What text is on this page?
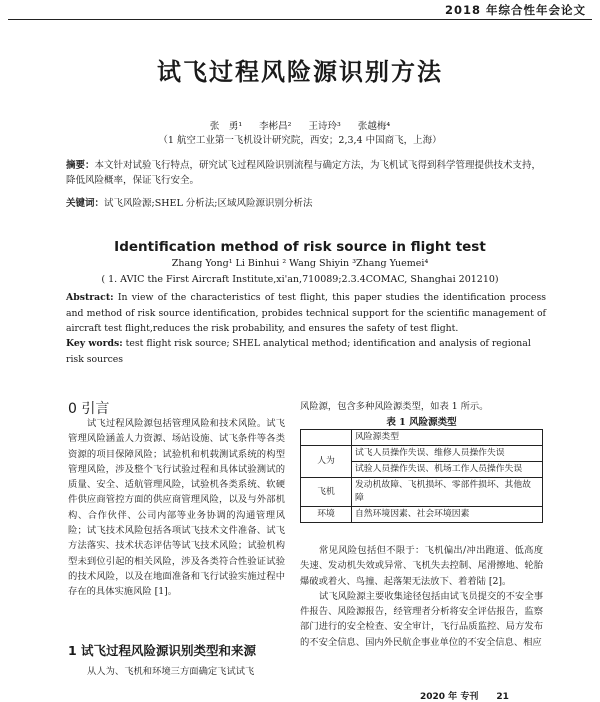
2018 年综合性年会论文
试飞过程风险源识别方法
张　勇¹ 李彬昌² 王诗玲³ 张越梅⁴
（1 航空工业第一飞机设计研究院，西安；2,3,4 中国商飞，上海）
摘要：本文针对试验飞行特点，研究试飞过程风险识别流程与确定方法，为飞机试飞得到科学管理提供技术支持，降低风险概率，保证飞行安全。
关键词：试飞风险源;SHEL 分析法;区域风险源识别分析法
Identification method of risk source in flight test
Zhang Yong¹ Li Binhui ² Wang Shiyin ³Zhang Yuemei⁴
( 1. AVIC the First Aircraft Institute,xi'an,710089;2.3.4COMAC, Shanghai 201210)
Abstract: In view of the characteristics of test flight, this paper studies the identification process and method of risk source identification, probides technical support for the scientific management of aircraft test flight,reduces the risk probability, and ensures the safety of test flight.
Key words: test flight risk source; SHEL analytical method; identification and analysis of regional risk sources
0 引言

试飞过程风险源包括管理风险和技术风险。试飞管理风险涵盖人力资源、场站设施、试飞条件等各类资源的项目保障风险；试验机和机载测试系统的构型管理风险，涉及整个飞行试验过程和具体试验测试的质量、安全、适航管理风险，试验机各类系统、软硬件供应商管控方面的供应商管理风险，以及与外部机构、合作伙伴、公司内部等业务协调的沟通管理风险；试飞技术风险包括各项试飞技术文件准备、试飞方法落实、技术状态评估等试飞技术风险；试验机构型未到位引起的相关风险，涉及各类符合性验证试验的技术风险，以及在地面准备和飞行试验实施过程中存在的具体实施风险 [1]。

1 试飞过程风险源识别类型和来源

从人为、飞机和环境三方面确定飞试试飞

风险源，包含多种风险源类型，如表 1 所示。
表 1 风险源类型
	风险源类型
人为	试飞人员操作失误、维修人员操作失误
	试验人员操作失误、机场工作人员操作失误
飞机	发动机故障、飞机损坏、零部件损坏、其他故障
环境	自然环境因素、社会环境因素

常见风险包括但不限于：飞机偏出/冲出跑道、低高度失速、发动机失效或异常、飞机失去控制、尾滑擦地、轮胎爆破或着火、鸟撞、起落架无法放下、着着陆 [2]。

试飞风险源主要收集途径包括由试飞员提交的不安全事件报告、风险源报告，经管理者分析将安全评估报告，监察部门进行的安全检查、安全审计，飞行品质监控、局方发布的不安全信息、国内外民航企事业单位的不安全信息、相应

2020 年 专刊　　21
